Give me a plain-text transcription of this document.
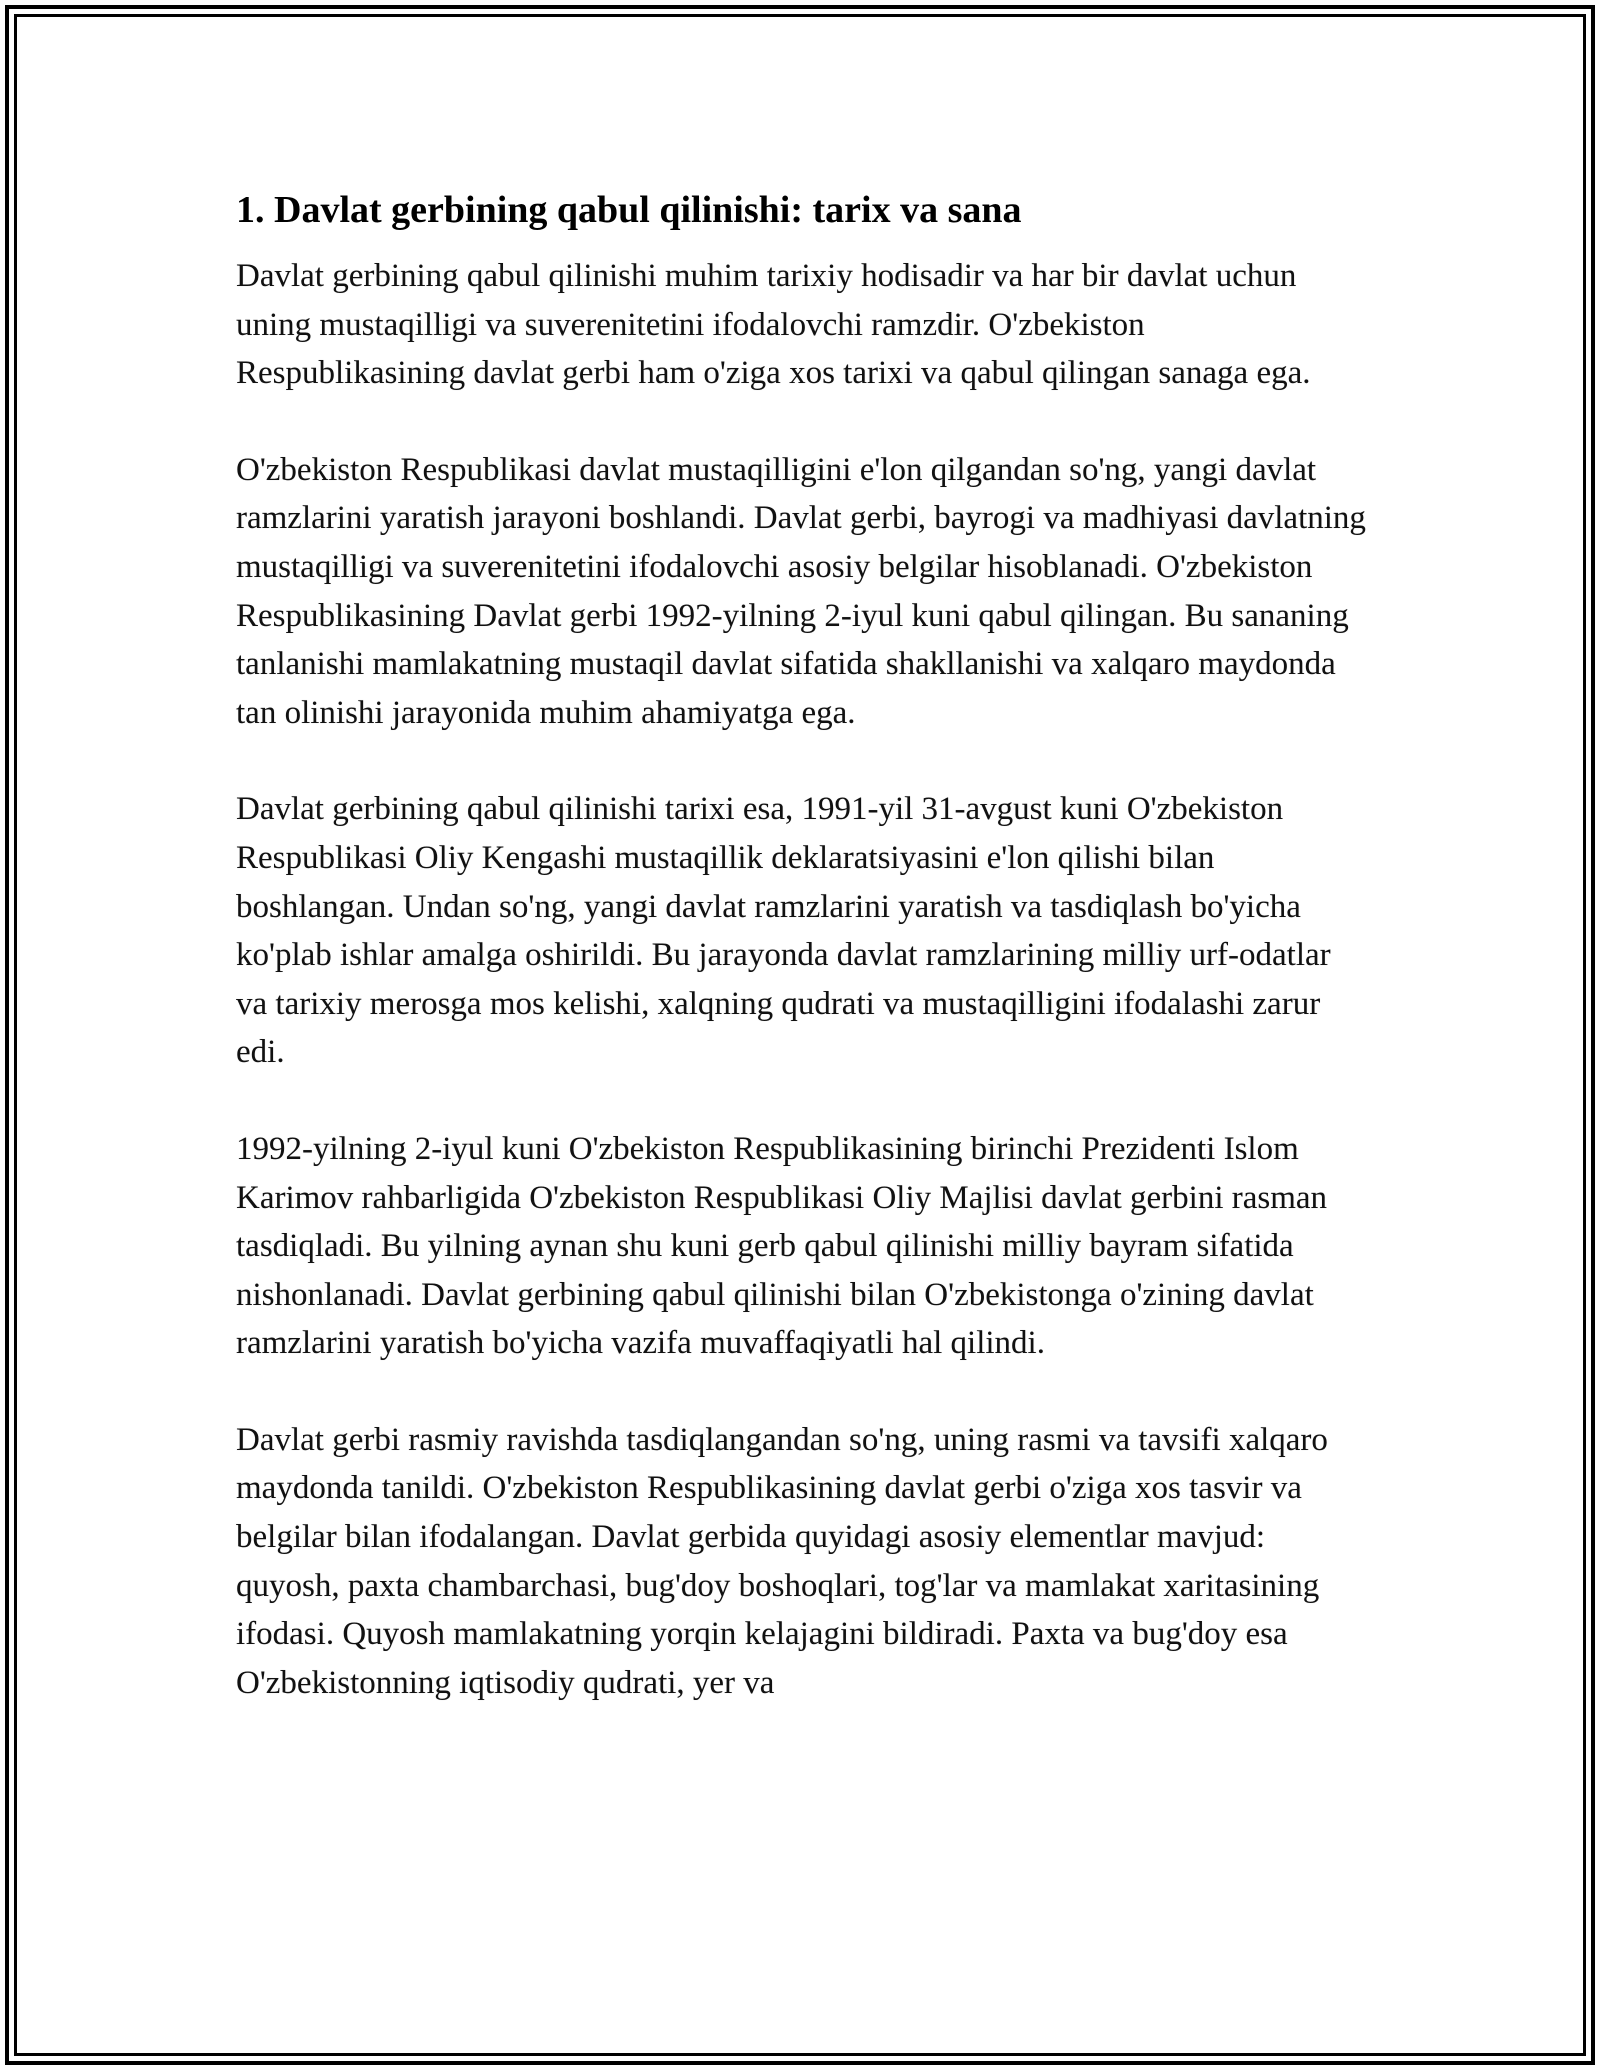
1. Davlat gerbining qabul qilinishi: tarix va sana

Davlat gerbining qabul qilinishi muhim tarixiy hodisadir va har bir davlat uchun uning mustaqilligi va suverenitetini ifodalovchi ramzdir. O'zbekiston Respublikasining davlat gerbi ham o'ziga xos tarixi va qabul qilingan sanaga ega.

O'zbekiston Respublikasi davlat mustaqilligini e'lon qilgandan so'ng, yangi davlat ramzlarini yaratish jarayoni boshlandi. Davlat gerbi, bayrogi va madhiyasi davlatning mustaqilligi va suverenitetini ifodalovchi asosiy belgilar hisoblanadi. O'zbekiston Respublikasining Davlat gerbi 1992-yilning 2-iyul kuni qabul qilingan. Bu sananing tanlanishi mamlakatning mustaqil davlat sifatida shakllanishi va xalqaro maydonda tan olinishi jarayonida muhim ahamiyatga ega.

Davlat gerbining qabul qilinishi tarixi esa, 1991-yil 31-avgust kuni O'zbekiston Respublikasi Oliy Kengashi mustaqillik deklaratsiyasini e'lon qilishi bilan boshlangan. Undan so'ng, yangi davlat ramzlarini yaratish va tasdiqlash bo'yicha ko'plab ishlar amalga oshirildi. Bu jarayonda davlat ramzlarining milliy urf-odatlar va tarixiy merosga mos kelishi, xalqning qudrati va mustaqilligini ifodalashi zarur edi.

1992-yilning 2-iyul kuni O'zbekiston Respublikasining birinchi Prezidenti Islom Karimov rahbarligida O'zbekiston Respublikasi Oliy Majlisi davlat gerbini rasman tasdiqladi. Bu yilning aynan shu kuni gerb qabul qilinishi milliy bayram sifatida nishonlanadi. Davlat gerbining qabul qilinishi bilan O'zbekistonga o'zining davlat ramzlarini yaratish bo'yicha vazifa muvaffaqiyatli hal qilindi.

Davlat gerbi rasmiy ravishda tasdiqlangandan so'ng, uning rasmi va tavsifi xalqaro maydonda tanildi. O'zbekiston Respublikasining davlat gerbi o'ziga xos tasvir va belgilar bilan ifodalangan. Davlat gerbida quyidagi asosiy elementlar mavjud: quyosh, paxta chambarchasi, bug'doy boshoqlari, tog'lar va mamlakat xaritasining ifodasi. Quyosh mamlakatning yorqin kelajagini bildiradi. Paxta va bug'doy esa O'zbekistonning iqtisodiy qudrati, yer va
